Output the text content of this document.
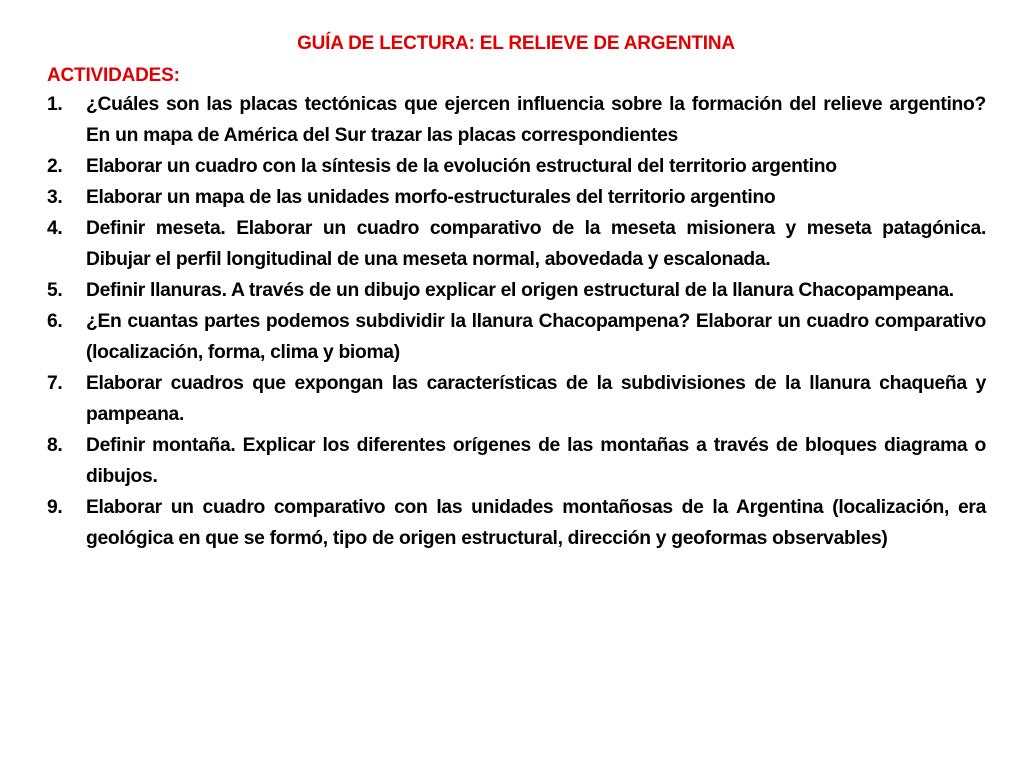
GUÍA DE LECTURA: EL RELIEVE DE ARGENTINA
ACTIVIDADES:
1.	¿Cuáles son las placas tectónicas que ejercen influencia sobre la formación del relieve argentino? En un mapa de América del Sur trazar las placas correspondientes
2.	Elaborar un cuadro con la síntesis de la evolución estructural del territorio argentino
3.	Elaborar un mapa de las unidades morfo-estructurales del territorio argentino
4.	Definir meseta. Elaborar un cuadro comparativo de la meseta misionera y meseta patagónica. Dibujar el perfil longitudinal de una meseta normal, abovedada y escalonada.
5.	Definir llanuras. A través de un dibujo explicar el origen estructural de la llanura Chacopampeana.
6.	¿En cuantas partes podemos subdividir la llanura Chacopampena? Elaborar un cuadro comparativo (localización, forma, clima y bioma)
7.	Elaborar cuadros que expongan las características de la subdivisiones de la llanura chaqueña y pampeana.
8.	Definir montaña. Explicar los diferentes orígenes de las montañas a través de bloques diagrama o dibujos.
9.	Elaborar un cuadro comparativo con las unidades montañosas de la Argentina (localización, era geológica en que se formó, tipo de origen estructural, dirección y geoformas observables)
